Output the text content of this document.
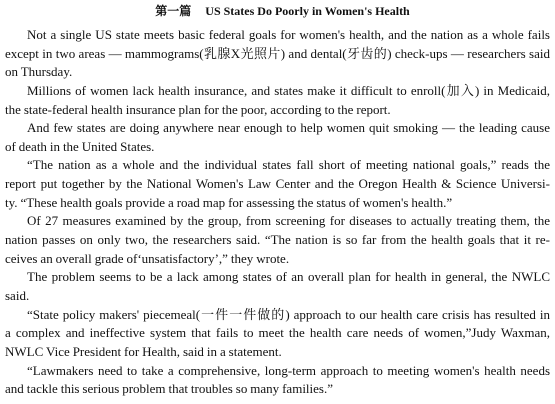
第一篇 US States Do Poorly in Women's Health
Not a single US state meets basic federal goals for women's health, and the nation as a whole fails
except in two areas — mammograms(乳腺X光照片) and dental(牙齿的) check-ups — researchers said
on Thursday.
Millions of women lack health insurance, and states make it difficult to enroll(加入) in Medicaid,
the state-federal health insurance plan for the poor, according to the report.
And few states are doing anywhere near enough to help women quit smoking — the leading cause
of death in the United States.
“The nation as a whole and the individual states fall short of meeting national goals,” reads the
report put together by the National Women's Law Center and the Oregon Health & Science Universi-
ty. “These health goals provide a road map for assessing the status of women's health.”
Of 27 measures examined by the group, from screening for diseases to actually treating them, the
nation passes on only two, the researchers said. “The nation is so far from the health goals that it re-
ceives an overall grade of‘unsatisfactory’,” they wrote.
The problem seems to be a lack among states of an overall plan for health in general, the NWLC
said.
“State policy makers' piecemeal(一件一件做的) approach to our health care crisis has resulted in
a complex and ineffective system that fails to meet the health care needs of women,”Judy Waxman,
NWLC Vice President for Health, said in a statement.
“Lawmakers need to take a comprehensive, long-term approach to meeting women's health needs
and tackle this serious problem that troubles so many families.”
